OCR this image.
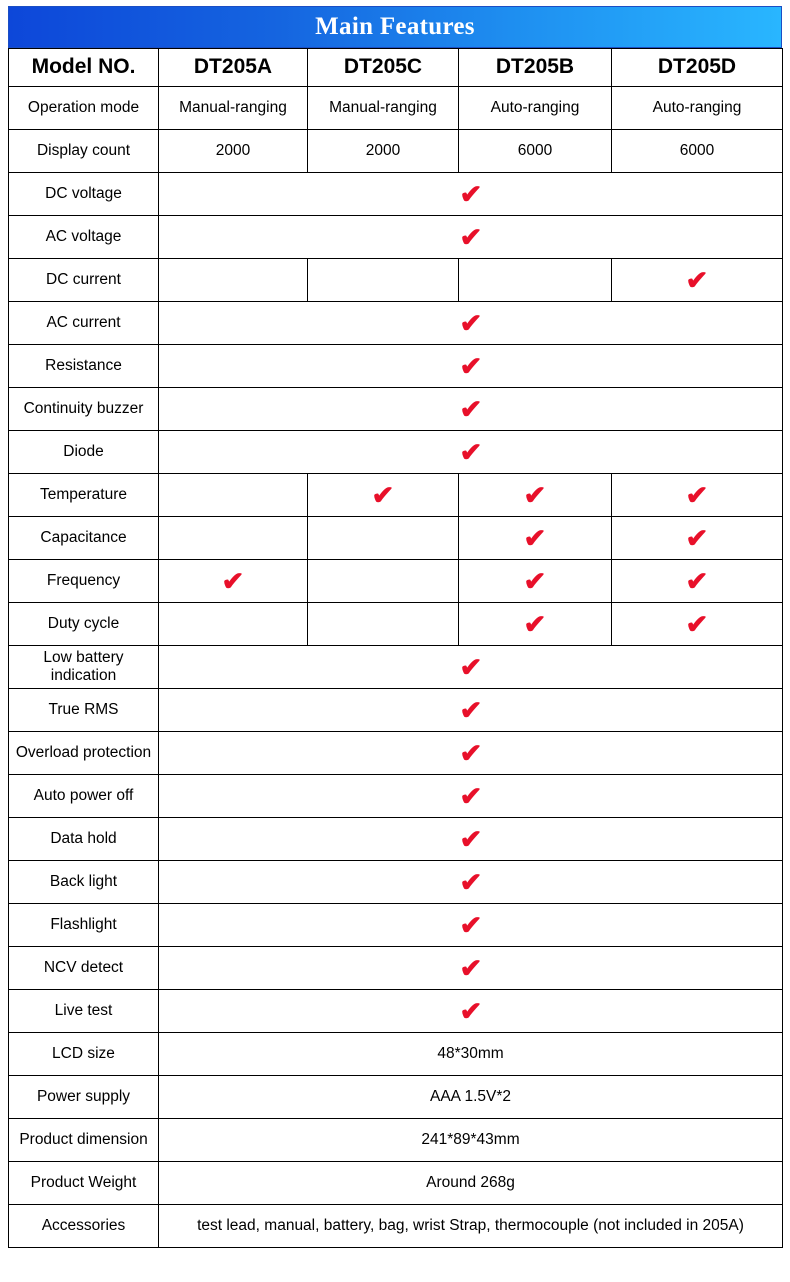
Main Features
Model NO.	DT205A	DT205C	DT205B	DT205D
Operation mode	Manual-ranging	Manual-ranging	Auto-ranging	Auto-ranging
Display count	2000	2000	6000	6000
DC voltage	✔			
AC voltage	✔			
DC current				✔
AC current	✔			
Resistance	✔			
Continuity buzzer	✔			
Diode	✔			
Temperature		✔	✔	✔
Capacitance			✔	✔
Frequency	✔		✔	✔
Duty cycle			✔	✔
Low battery indication	✔			
True RMS	✔			
Overload protection	✔			
Auto power off	✔			
Data hold	✔			
Back light	✔			
Flashlight	✔			
NCV detect	✔			
Live test	✔			
LCD size	48*30mm			
Power supply	AAA 1.5V*2			
Product dimension	241*89*43mm			
Product Weight	Around 268g			
Accessories	test lead, manual, battery, bag, wrist Strap, thermocouple (not included in 205A)			
